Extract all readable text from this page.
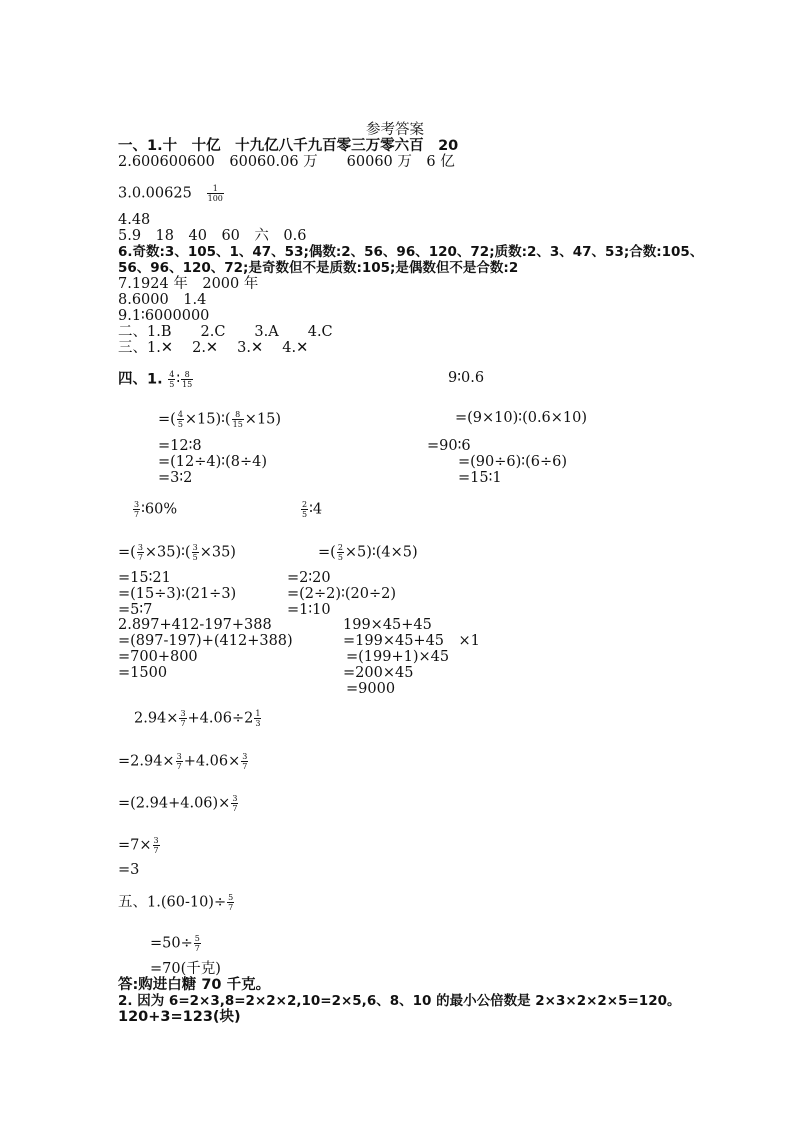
参考答案
一、1.十　十亿　十九亿八千九百零三万零六百　20
2.600600600　60060.06 万　　60060 万　6 亿
$3.0.00625 \frac{1}{100}$
4.48
5.9　18　40　60　六　0.6
6.奇数:3、105、1、47、53;偶数:2、56、96、120、72;质数:2、3、47、53;合数:105、
56、96、120、72;是奇数但不是质数:105;是偶数但不是合数:2
7.1924 年　2000 年
8.6000　1.4
9.1∶6000000
二、1.B　　2.C　　3.A　　4.C
三、1.✕　 2.✕　 3.✕　 4.✕
四、1. $\frac{4}{5}$ ∶ $\frac{8}{15}$
=( $\frac{4}{5}$ ×15)∶( $\frac{8}{15} \times 15$)
=12∶8
=(12÷4)∶(8÷4)
=3∶2
9∶0.6
=(9×10)∶(0.6×10)
=90∶6
=(90÷6)∶(6÷6)
=15∶1
$\frac{3}{7}$ ∶60%
=( $\frac{3}{7}$ ×35)∶( $\frac{3}{5} \times 35$)
=15∶21
=(15÷3)∶(21÷3)
=5∶7
$\frac{2}{5}$ ∶4
=( $\frac{2}{5}$ ×5)∶(4×5)
=2∶20
=(2÷2)∶(20÷2)
=1∶10
2.897+412-197+388
=(897-197)+(412+388)
=700+800
=1500
199×45+45
=199×45+45　×1
=(199+1)×45
=200×45
=9000
$2.94\times \frac{3}{7} +4.06\div 2 \frac{1}{3}$
$=2.94\times \frac{3}{7} +4.06\times \frac{3}{7}$
$=(2.94+4.06)\times \frac{3}{7}$
$=7\times \frac{3}{7}$
=3
五、$1.(60-10)\div \frac{5}{7}$
$=50\div \frac{5}{7}$
=70(千克)
答:购进白糖 70 千克。
2. 因为 6=2×3,8=2×2×2,10=2×5,6、8、10 的最小公倍数是 2×3×2×2×5=120。
120+3=123(块)
